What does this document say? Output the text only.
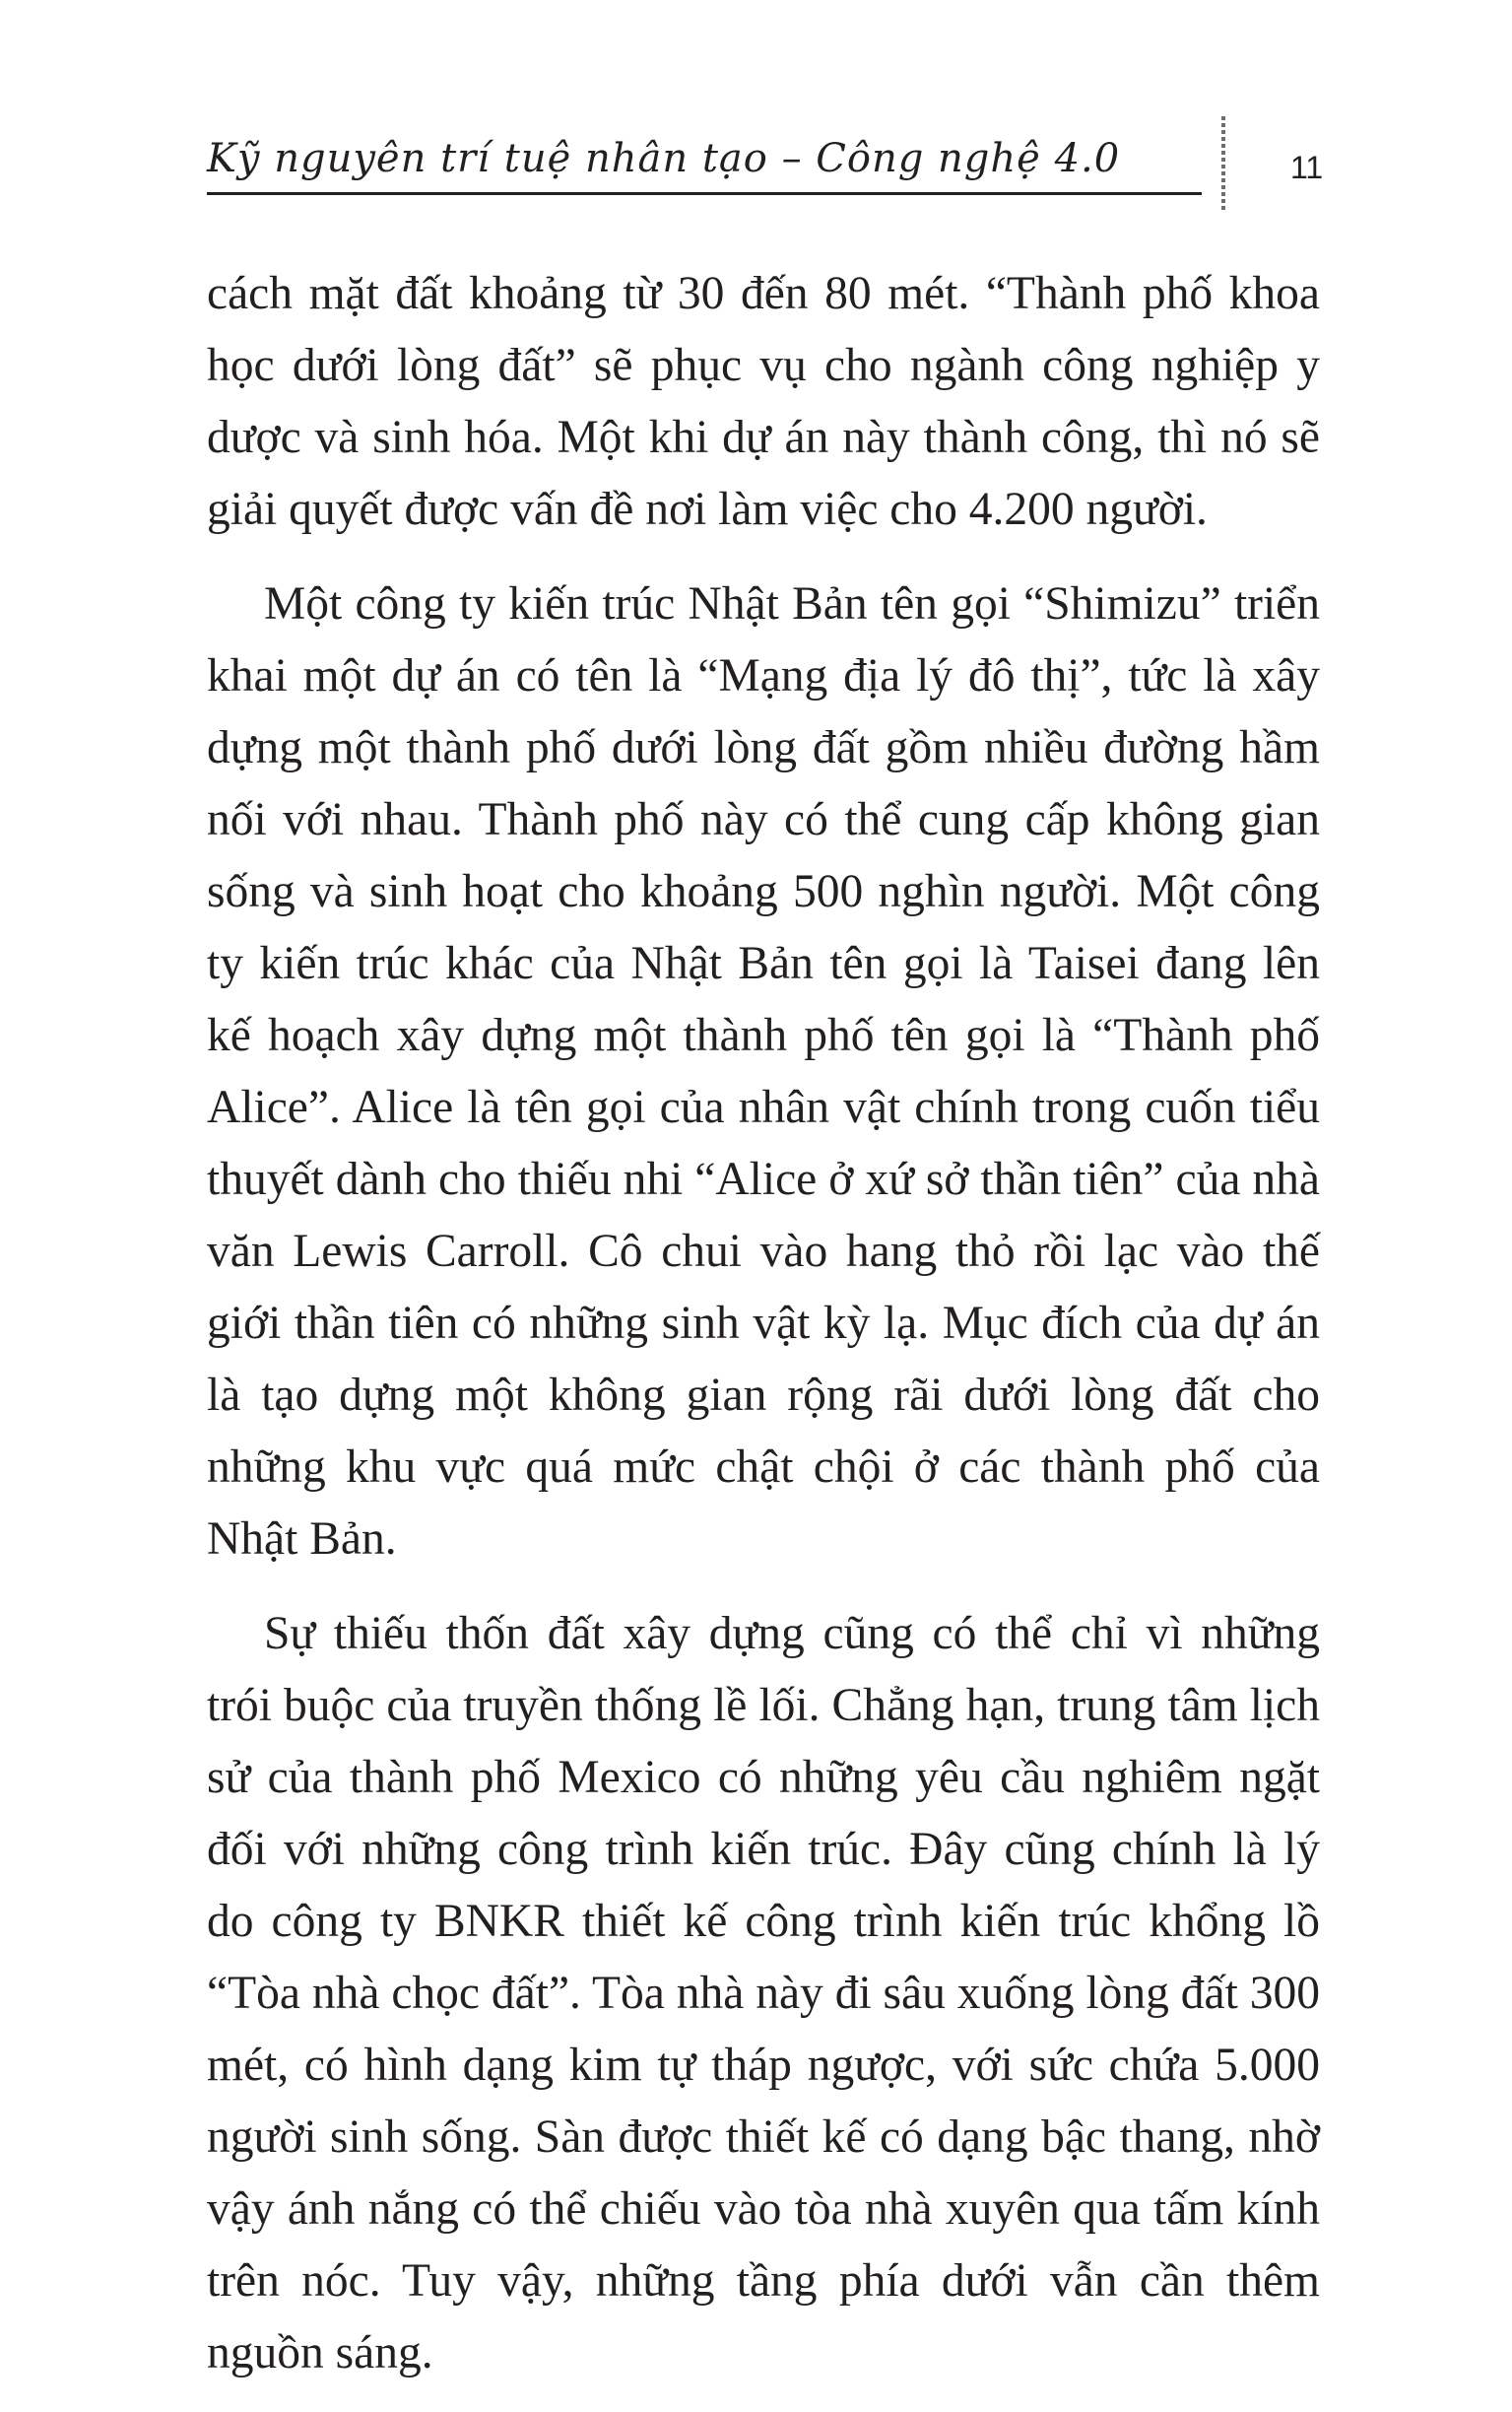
Kỹ nguyên trí tuệ nhân tạo – Công nghệ 4.0	11

cách mặt đất khoảng từ 30 đến 80 mét. “Thành phố khoa học dưới lòng đất” sẽ phục vụ cho ngành công nghiệp y dược và sinh hóa. Một khi dự án này thành công, thì nó sẽ giải quyết được vấn đề nơi làm việc cho 4.200 người.

Một công ty kiến trúc Nhật Bản tên gọi “Shimizu” triển khai một dự án có tên là “Mạng địa lý đô thị”, tức là xây dựng một thành phố dưới lòng đất gồm nhiều đường hầm nối với nhau. Thành phố này có thể cung cấp không gian sống và sinh hoạt cho khoảng 500 nghìn người. Một công ty kiến trúc khác của Nhật Bản tên gọi là Taisei đang lên kế hoạch xây dựng một thành phố tên gọi là “Thành phố Alice”. Alice là tên gọi của nhân vật chính trong cuốn tiểu thuyết dành cho thiếu nhi “Alice ở xứ sở thần tiên” của nhà văn Lewis Carroll. Cô chui vào hang thỏ rồi lạc vào thế giới thần tiên có những sinh vật kỳ lạ. Mục đích của dự án là tạo dựng một không gian rộng rãi dưới lòng đất cho những khu vực quá mức chật chội ở các thành phố của Nhật Bản.

Sự thiếu thốn đất xây dựng cũng có thể chỉ vì những trói buộc của truyền thống lề lối. Chẳng hạn, trung tâm lịch sử của thành phố Mexico có những yêu cầu nghiêm ngặt đối với những công trình kiến trúc. Đây cũng chính là lý do công ty BNKR thiết kế công trình kiến trúc khổng lồ “Tòa nhà chọc đất”. Tòa nhà này đi sâu xuống lòng đất 300 mét, có hình dạng kim tự tháp ngược, với sức chứa 5.000 người sinh sống. Sàn được thiết kế có dạng bậc thang, nhờ vậy ánh nắng có thể chiếu vào tòa nhà xuyên qua tấm kính trên nóc. Tuy vậy, những tầng phía dưới vẫn cần thêm nguồn sáng.
